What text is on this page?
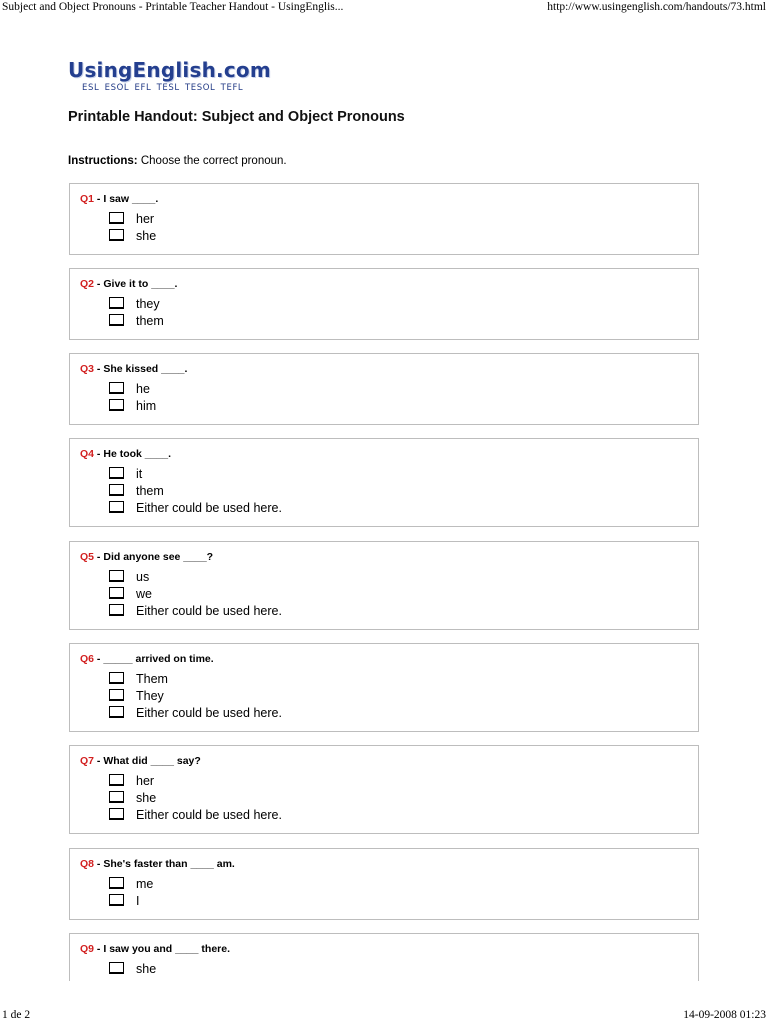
Subject and Object Pronouns - Printable Teacher Handout - UsingEnglis...	http://www.usingenglish.com/handouts/73.html
UsingEnglish.com
ESL ESOL EFL TESL TESOL TEFL
Printable Handout: Subject and Object Pronouns
Instructions: Choose the correct pronoun.
Q1 - I saw ____.
her
she
Q2 - Give it to ____.
they
them
Q3 - She kissed ____.
he
him
Q4 - He took ____.
it
them
Either could be used here.
Q5 - Did anyone see ____?
us
we
Either could be used here.
Q6 - _____ arrived on time.
Them
They
Either could be used here.
Q7 - What did ____ say?
her
she
Either could be used here.
Q8 - She's faster than ____ am.
me
I
Q9 - I saw you and ____ there.
she
1 de 2	14-09-2008 01:23
